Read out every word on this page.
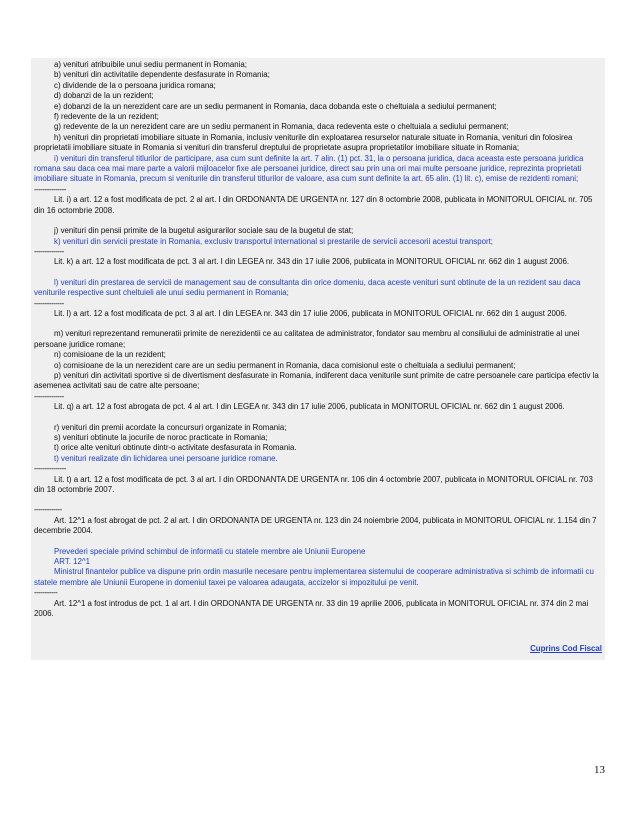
a) venituri atribuibile unui sediu permanent in Romania;

b) venituri din activitatile dependente desfasurate in Romania;

c) dividende de la o persoana juridica romana;

d) dobanzi de la un rezident;

e) dobanzi de la un nerezident care are un sediu permanent in Romania, daca dobanda este o cheltuiala a sediului permanent;

f) redevente de la un rezident;

g) redevente de la un nerezident care are un sediu permanent in Romania, daca redeventa este o cheltuiala a sediului permanent;

h) venituri din proprietati imobiliare situate in Romania, inclusiv veniturile din exploatarea resurselor naturale situate in Romania, venituri din folosirea proprietatii imobiliare situate in Romania si venituri din transferul dreptului de proprietate asupra proprietatilor imobiliare situate in Romania;

i) venituri din transferul titlurilor de participare, asa cum sunt definite la art. 7 alin. (1) pct. 31, la o persoana juridica, daca aceasta este persoana juridica romana sau daca cea mai mare parte a valorii mijloacelor fixe ale persoanei juridice, direct sau prin una ori mai multe persoane juridice, reprezinta proprietati imobiliare situate in Romania, precum si veniturile din transferul titlurilor de valoare, asa cum sunt definite la art. 65 alin. (1) lit. c), emise de rezidenti romani;

---------------

Lit. i) a art. 12 a fost modificata de pct. 2 al art. I din ORDONANTA DE URGENTA nr. 127 din 8 octombrie 2008, publicata in MONITORUL OFICIAL nr. 705 din 16 octombrie 2008.

j) venituri din pensii primite de la bugetul asigurarilor sociale sau de la bugetul de stat;

k) venituri din servicii prestate in Romania, exclusiv transportul international si prestarile de servicii accesorii acestui transport;

--------------

Lit. k) a art. 12 a fost modificata de pct. 3 al art. I din LEGEA nr. 343 din 17 iulie 2006, publicata in MONITORUL OFICIAL nr. 662 din 1 august 2006.

l) venituri din prestarea de servicii de management sau de consultanta din orice domeniu, daca aceste venituri sunt obtinute de la un rezident sau daca veniturile respective sunt cheltuieli ale unui sediu permanent in Romania;

--------------

Lit. l) a art. 12 a fost modificata de pct. 3 al art. I din LEGEA nr. 343 din 17 iulie 2006, publicata in MONITORUL OFICIAL nr. 662 din 1 august 2006.

m) venituri reprezentand remuneratii primite de nerezidentii ce au calitatea de administrator, fondator sau membru al consiliului de administratie al unei persoane juridice romane;

n) comisioane de la un rezident;

o) comisioane de la un nerezident care are un sediu permanent in Romania, daca comisionul este o cheltuiala a sediului permanent;

p) venituri din activitati sportive si de divertisment desfasurate in Romania, indiferent daca veniturile sunt primite de catre persoanele care participa efectiv la asemenea activitati sau de catre alte persoane;

--------------

Lit. q) a art. 12 a fost abrogata de pct. 4 al art. I din LEGEA nr. 343 din 17 iulie 2006, publicata in MONITORUL OFICIAL nr. 662 din 1 august 2006.

r) venituri din premii acordate la concursuri organizate in Romania;

s) venituri obtinute la jocurile de noroc practicate in Romania;

t) orice alte venituri obtinute dintr-o activitate desfasurata in Romania.

t) venituri realizate din lichidarea unei persoane juridice romane.

---------------

Lit. t) a art. 12 a fost modificata de pct. 3 al art. I din ORDONANTA DE URGENTA nr. 106 din 4 octombrie 2007, publicata in MONITORUL OFICIAL nr. 703 din 18 octombrie 2007.

-------------

Art. 12^1 a fost abrogat de pct. 2 al art. I din ORDONANTA DE URGENTA nr. 123 din 24 noiembrie 2004, publicata in MONITORUL OFICIAL nr. 1.154 din 7 decembrie 2004.

Prevederi speciale privind schimbul de informatii cu statele membre ale Uniunii Europene

ART. 12^1

Ministrul finantelor publice va dispune prin ordin masurile necesare pentru implementarea sistemului de cooperare administrativa si schimb de informatii cu statele membre ale Uniunii Europene in domeniul taxei pe valoarea adaugata, accizelor si impozitului pe venit.

-----------

Art. 12^1 a fost introdus de pct. 1 al art. I din ORDONANTA DE URGENTA nr. 33 din 19 aprilie 2006, publicata in MONITORUL OFICIAL nr. 374 din 2 mai 2006.

Cuprins Cod Fiscal
13
